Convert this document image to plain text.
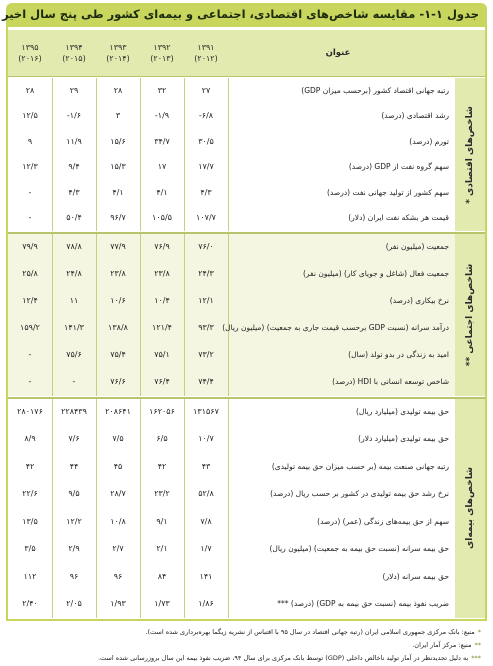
جدول ۱-۱- مقایسه شاخص‌های اقتصادی، اجتماعی و بیمه‌ای کشور طی پنج سال اخیر
عنوان
۱۳۹۱
(۲۰۱۲)
۱۳۹۲
(۲۰۱۳)
۱۳۹۳
(۲۰۱۴)
۱۳۹۴
(۲۰۱۵)
۱۳۹۵
(۲۰۱۶)
شاخص‌های اقتصادی *
رتبه جهانی اقتصاد کشور (برحسب میزان GDP)
۲۷
۳۲
۲۸
۲۹
۲۸
رشد اقتصادی (درصد)
-۶/۸
-۱/۹
۳
-۱/۶
۱۲/۵
تورم (درصد)
۳۰/۵
۳۴/۷
۱۵/۶
۱۱/۹
۹
سهم گروه نفت از GDP (درصد)
۱۷/۷
۱۷
۱۵/۳
۹/۴
۱۲/۳
سهم کشور از تولید جهانی نفت (درصد)
۴/۳
۴/۱
۴/۱
۴/۳
-
قیمت هر بشکه نفت ایران (دلار)
۱۰۷/۷
۱۰۵/۵
۹۶/۷
۵۰/۴
-
شاخص‌های اجتماعی **
جمعیت (میلیون نفر)
۷۶/۰
۷۶/۹
۷۷/۹
۷۸/۸
۷۹/۹
جمعیت فعال (شاغل و جویای کار) (میلیون نفر)
۲۴/۳
۲۳/۸
۲۳/۸
۲۴/۸
۲۵/۸
نرخ بیکاری (درصد)
۱۲/۱
۱۰/۴
۱۰/۶
۱۱
۱۲/۴
درآمد سرانه (نسبت GDP برحسب قیمت جاری به جمعیت) (میلیون ریال)
۹۳/۳
۱۲۱/۴
۱۳۸/۸
۱۴۱/۳
۱۵۹/۲
امید به زندگی در بدو تولد (سال)
۷۳/۲
۷۵/۱
۷۵/۴
۷۵/۶
-
شاخص توسعه انسانی با HDI (درصد)
۷۴/۴
۷۶/۴
۷۶/۶
-
-
شاخص‌های بیمه‌ای
حق بیمه تولیدی (میلیارد ریال)
۱۳۱۵۶۷
۱۶۲۰۵۶
۲۰۸۶۴۱
۲۲۸۴۳۹
۲۸۰۱۷۶
حق بیمه تولیدی (میلیارد دلار)
۱۰/۷
۶/۵
۷/۵
۷/۶
۸/۹
رتبه جهانی صنعت بیمه (بر حسب میزان حق بیمه تولیدی)
۴۳
۴۲
۴۵
۴۴
۴۲
نرخ رشد حق بیمه تولیدی در کشور بر حسب ریال (درصد)
۵۲/۸
۲۳/۲
۲۸/۷
۹/۵
۲۲/۶
سهم از حق بیمه‌های زندگی (عمر) (درصد)
۷/۸
۹/۱
۱۰/۸
۱۲/۲
۱۳/۵
حق بیمه سرانه (نسبت حق بیمه به جمعیت) (میلیون ریال)
۱/۷
۲/۱
۲/۷
۲/۹
۳/۵
حق بیمه سرانه (دلار)
۱۴۱
۸۴
۹۶
۹۶
۱۱۲
ضریب نفوذ بیمه (نسبت حق بیمه به GDP) (درصد) ***
۱/۸۶
۱/۷۳
۱/۹۳
۲/۰۵
۲/۴۰
*منبع: بانک مرکزی جمهوری اسلامی ایران (رتبه جهانی اقتصاد در سال ۹۵ با اقتباس از نشریه زیگما بهره‌برداری شده است).
**منبع: مرکز آمار ایران.
***به دلیل تجدیدنظر در آمار تولید ناخالص داخلی (GDP) توسط بانک مرکزی برای سال ۹۴، ضریب نفوذ بیمه این سال بروزرسانی شده است.
